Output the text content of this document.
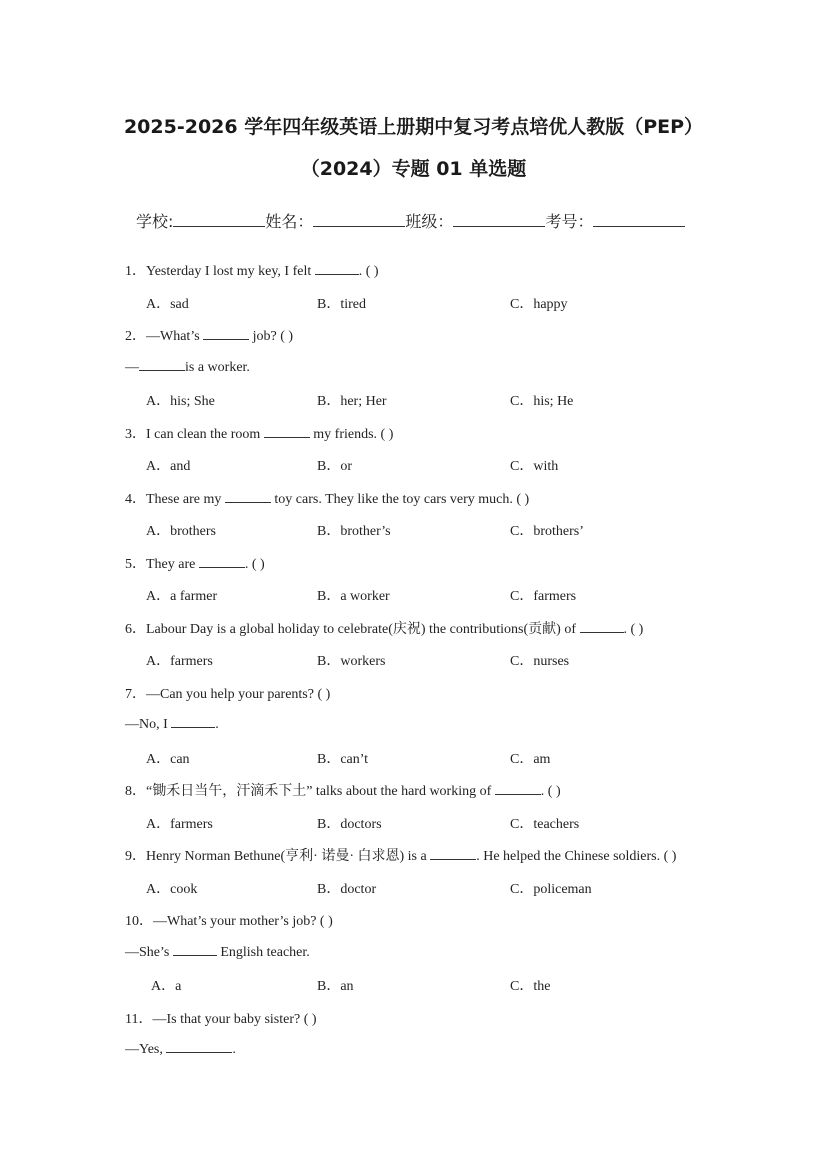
2025-2026 学年四年级英语上册期中复习考点培优人教版（PEP）
（2024）专题 01 单选题
学校:	姓名：	班级：	考号：
1．Yesterday I lost my key, I felt	. ( )
A．sad	B．tired	C．happy
2．—What’s	job? ( )
—	is a worker.
A．his; She	B．her; Her	C．his; He
3．I can clean the room	my friends. ( )
A．and	B．or	C．with
4．These are my	toy cars. They like the toy cars very much. ( )
A．brothers	B．brother’s	C．brothers’
5．They are	. ( )
A．a farmer	B．a worker	C．farmers
6．Labour Day is a global holiday to celebrate(庆祝) the contributions(贡献) of	. ( )
A．farmers	B．workers	C．nurses
7．—Can you help your parents? ( )
—No, I	.
A．can	B．can’t	C．am
8．“锄禾日当午，汗滴禾下土” talks about the hard working of	. ( )
A．farmers	B．doctors	C．teachers
9．Henry Norman Bethune(亨利· 诺曼· 白求恩) is a	. He helped the Chinese soldiers. ( )
A．cook	B．doctor	C．policeman
10．—What’s your mother’s job? ( )
—She’s	English teacher.
A．a	B．an	C．the
11．—Is that your baby sister? ( )
—Yes,	.
